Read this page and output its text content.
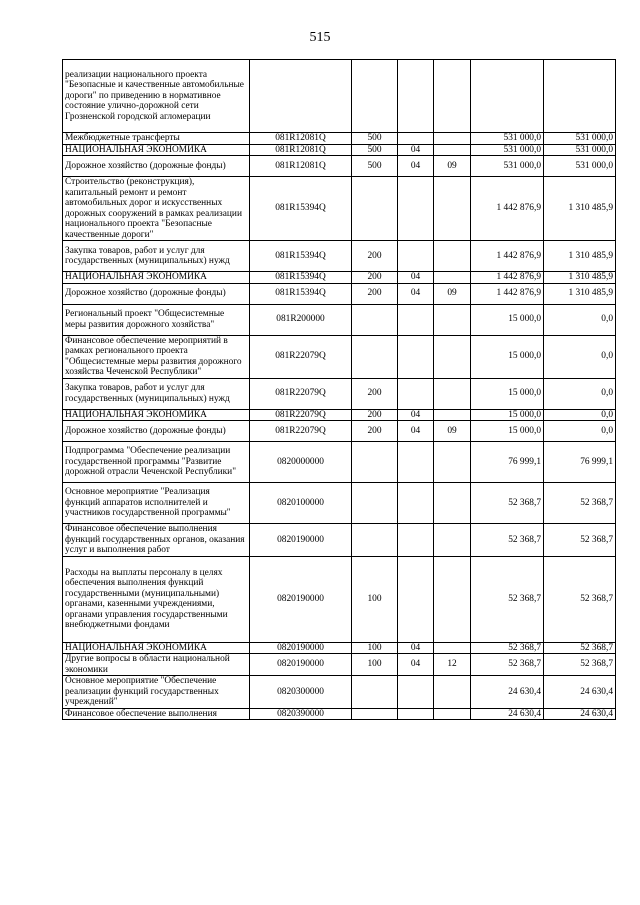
515
реализации национального проекта "Безопасные и качественные автомобильные дороги" по приведению в нормативное состояние улично-дорожной сети Грозненской городской агломерации						
Межбюджетные трансферты	081R12081Q	500			531 000,0	531 000,0
НАЦИОНАЛЬНАЯ ЭКОНОМИКА	081R12081Q	500	04		531 000,0	531 000,0
Дорожное хозяйство (дорожные фонды)	081R12081Q	500	04	09	531 000,0	531 000,0
Строительство (реконструкция), капитальный ремонт и ремонт автомобильных дорог и искусственных дорожных сооружений в рамках реализации национального проекта "Безопасные качественные дороги"	081R15394Q				1 442 876,9	1 310 485,9
Закупка товаров, работ и услуг для государственных (муниципальных) нужд	081R15394Q	200			1 442 876,9	1 310 485,9
НАЦИОНАЛЬНАЯ ЭКОНОМИКА	081R15394Q	200	04		1 442 876,9	1 310 485,9
Дорожное хозяйство (дорожные фонды)	081R15394Q	200	04	09	1 442 876,9	1 310 485,9
Региональный проект "Общесистемные меры развития дорожного хозяйства"	081R200000				15 000,0	0,0
Финансовое обеспечение мероприятий в рамках регионального проекта "Общесистемные меры развития дорожного хозяйства Чеченской Республики"	081R22079Q				15 000,0	0,0
Закупка товаров, работ и услуг для государственных (муниципальных) нужд	081R22079Q	200			15 000,0	0,0
НАЦИОНАЛЬНАЯ ЭКОНОМИКА	081R22079Q	200	04		15 000,0	0,0
Дорожное хозяйство (дорожные фонды)	081R22079Q	200	04	09	15 000,0	0,0
Подпрограмма "Обеспечение реализации государственной программы "Развитие дорожной отрасли Чеченской Республики"	0820000000				76 999,1	76 999,1
Основное мероприятие "Реализация функций аппаратов исполнителей и участников государственной программы"	0820100000				52 368,7	52 368,7
Финансовое обеспечение выполнения функций государственных органов, оказания услуг и выполнения работ	0820190000				52 368,7	52 368,7
Расходы на выплаты персоналу в целях обеспечения выполнения функций государственными (муниципальными) органами, казенными учреждениями, органами управления государственными внебюджетными фондами	0820190000	100			52 368,7	52 368,7
НАЦИОНАЛЬНАЯ ЭКОНОМИКА	0820190000	100	04		52 368,7	52 368,7
Другие вопросы в области национальной экономики	0820190000	100	04	12	52 368,7	52 368,7
Основное мероприятие "Обеспечение реализации функций государственных учреждений"	0820300000				24 630,4	24 630,4
Финансовое обеспечение выполнения	0820390000				24 630,4	24 630,4
